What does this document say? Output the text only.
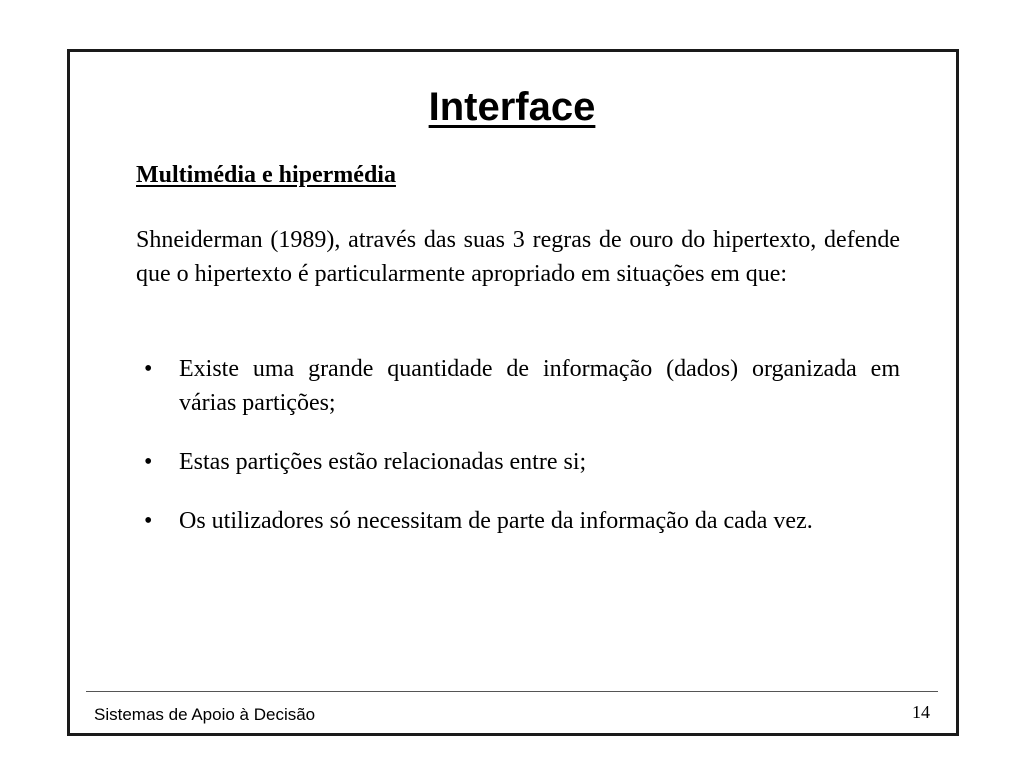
Interface
Multimédia e hipermédia

Shneiderman (1989), através das suas 3 regras de ouro do hipertexto, defende que o hipertexto é particularmente apropriado em situações em que:

• Existe uma grande quantidade de informação (dados) organizada em várias partições;
• Estas partições estão relacionadas entre si;
• Os utilizadores só necessitam de parte da informação da cada vez.
Sistemas de Apoio à Decisão	14
